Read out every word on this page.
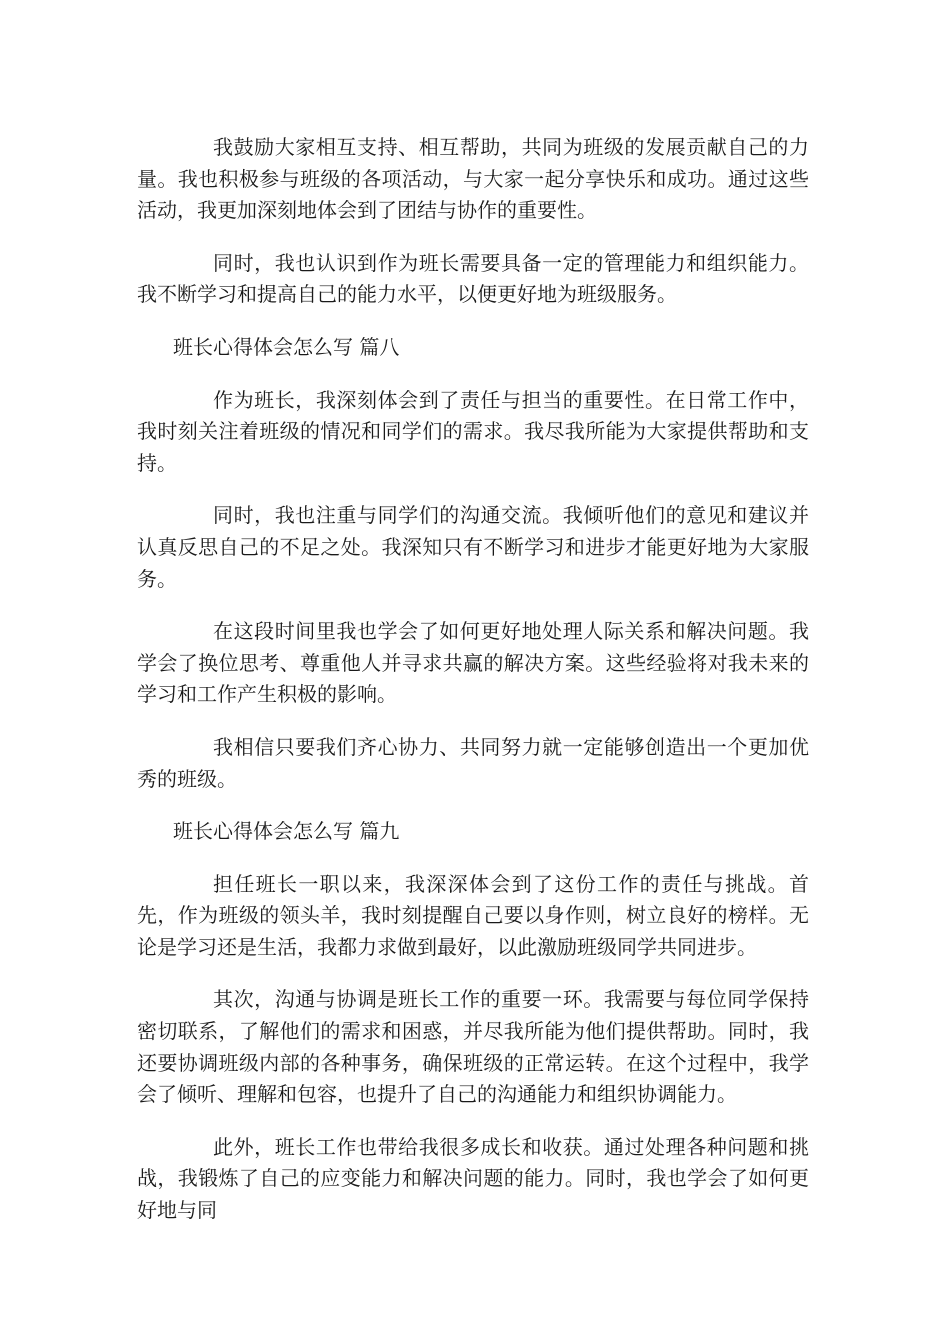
我鼓励大家相互支持、相互帮助，共同为班级的发展贡献自己的力量。我也积极参与班级的各项活动，与大家一起分享快乐和成功。通过这些活动，我更加深刻地体会到了团结与协作的重要性。

同时，我也认识到作为班长需要具备一定的管理能力和组织能力。我不断学习和提高自己的能力水平，以便更好地为班级服务。

班长心得体会怎么写 篇八

作为班长，我深刻体会到了责任与担当的重要性。在日常工作中，我时刻关注着班级的情况和同学们的需求。我尽我所能为大家提供帮助和支持。

同时，我也注重与同学们的沟通交流。我倾听他们的意见和建议并认真反思自己的不足之处。我深知只有不断学习和进步才能更好地为大家服务。

在这段时间里我也学会了如何更好地处理人际关系和解决问题。我学会了换位思考、尊重他人并寻求共赢的解决方案。这些经验将对我未来的学习和工作产生积极的影响。

我相信只要我们齐心协力、共同努力就一定能够创造出一个更加优秀的班级。

班长心得体会怎么写 篇九

担任班长一职以来，我深深体会到了这份工作的责任与挑战。首先，作为班级的领头羊，我时刻提醒自己要以身作则，树立良好的榜样。无论是学习还是生活，我都力求做到最好，以此激励班级同学共同进步。

其次，沟通与协调是班长工作的重要一环。我需要与每位同学保持密切联系，了解他们的需求和困惑，并尽我所能为他们提供帮助。同时，我还要协调班级内部的各种事务，确保班级的正常运转。在这个过程中，我学会了倾听、理解和包容，也提升了自己的沟通能力和组织协调能力。

此外，班长工作也带给我很多成长和收获。通过处理各种问题和挑战，我锻炼了自己的应变能力和解决问题的能力。同时，我也学会了如何更好地与同
